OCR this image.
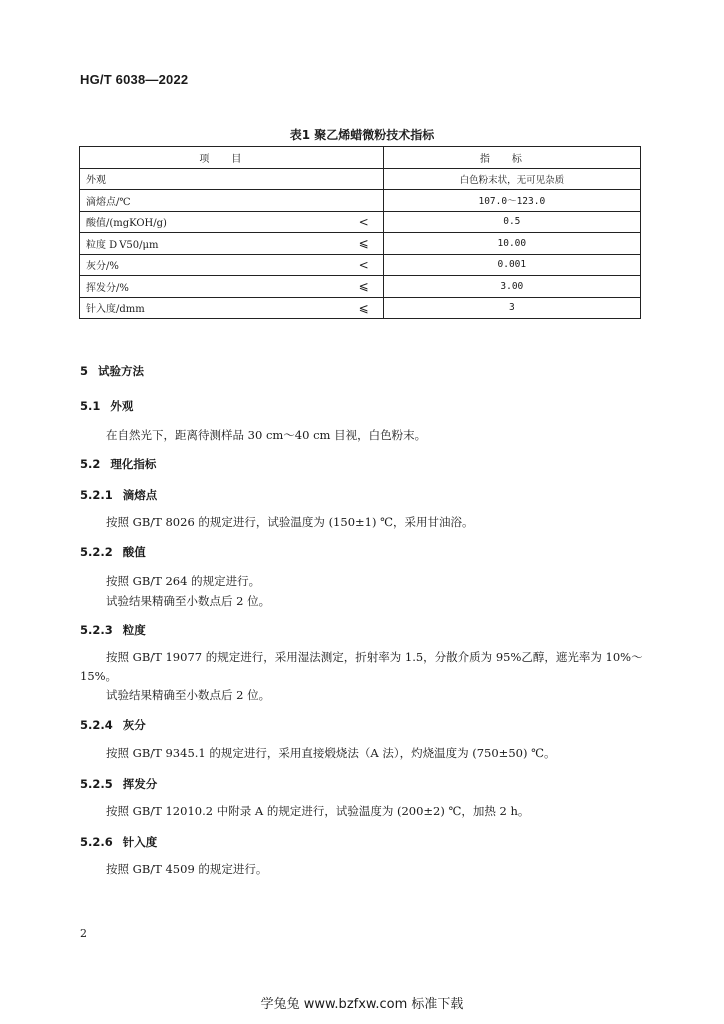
HG/T 6038—2022
表1 聚乙烯蜡微粉技术指标
项目		指标
外观		白色粉末状，无可见杂质
滴熔点/℃		107.0～123.0
酸值/(mgKOH/g)	<	0.5
粒度 D V50/μm	⩽	10.00
灰分/%	<	0.001
挥发分/%	⩽	3.00
针入度/dmm	⩽	3
5 试验方法
5.1 外观
在自然光下，距离待测样品 30 cm～40 cm 目视，白色粉末。
5.2 理化指标
5.2.1 滴熔点
按照 GB/T 8026 的规定进行，试验温度为 (150±1) ℃，采用甘油浴。
5.2.2 酸值
按照 GB/T 264 的规定进行。
试验结果精确至小数点后 2 位。
5.2.3 粒度
按照 GB/T 19077 的规定进行，采用湿法测定，折射率为 1.5，分散介质为 95%乙醇，遮光率为 10%～15%。
试验结果精确至小数点后 2 位。
5.2.4 灰分
按照 GB/T 9345.1 的规定进行，采用直接煅烧法（A 法），灼烧温度为 (750±50) ℃。
5.2.5 挥发分
按照 GB/T 12010.2 中附录 A 的规定进行，试验温度为 (200±2) ℃，加热 2 h。
5.2.6 针入度
按照 GB/T 4509 的规定进行。
2
学兔兔 www.bzfxw.com 标准下载
